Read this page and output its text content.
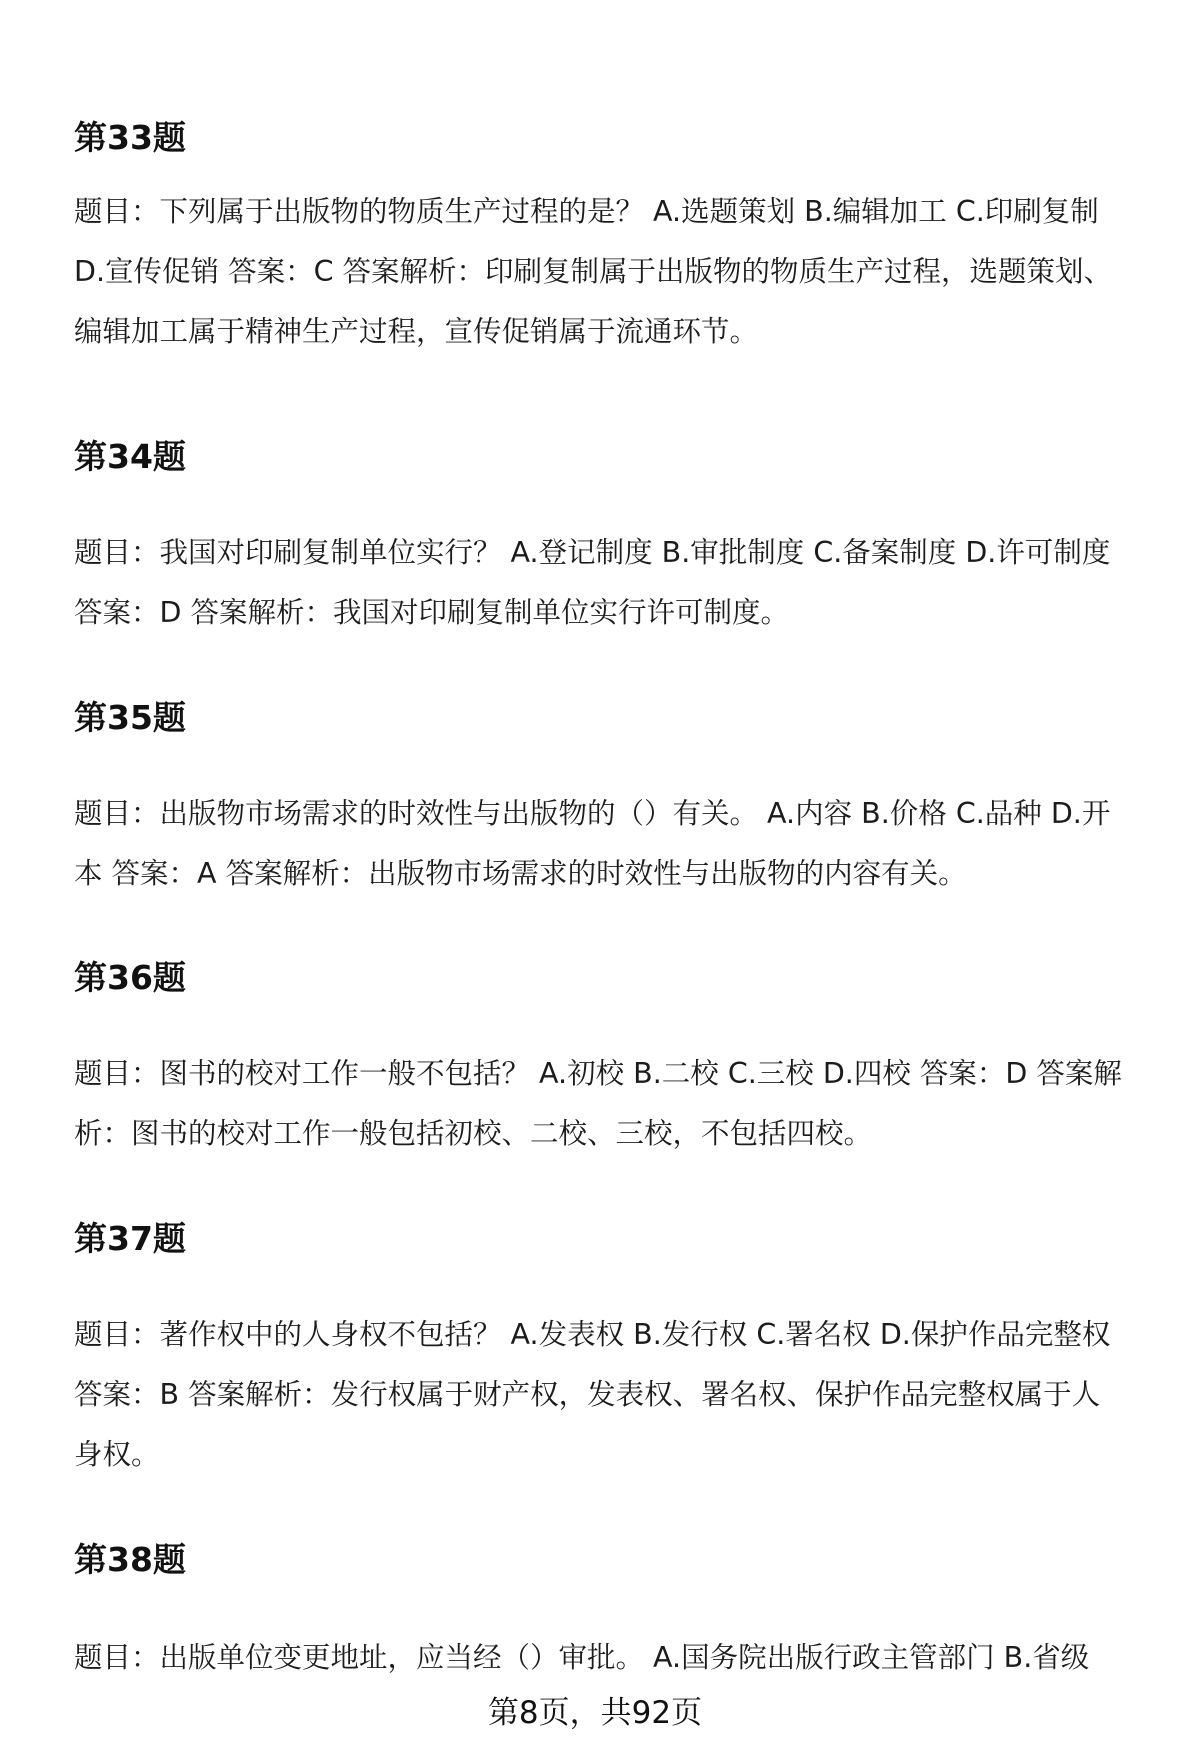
第33题
题目：下列属于出版物的物质生产过程的是？ A.选题策划 B.编辑加工 C.印刷复制
D.宣传促销 答案：C 答案解析：印刷复制属于出版物的物质生产过程，选题策划、
编辑加工属于精神生产过程，宣传促销属于流通环节。
第34题
题目：我国对印刷复制单位实行？ A.登记制度 B.审批制度 C.备案制度 D.许可制度
答案：D 答案解析：我国对印刷复制单位实行许可制度。
第35题
题目：出版物市场需求的时效性与出版物的（）有关。 A.内容 B.价格 C.品种 D.开
本 答案：A 答案解析：出版物市场需求的时效性与出版物的内容有关。
第36题
题目：图书的校对工作一般不包括？ A.初校 B.二校 C.三校 D.四校 答案：D 答案解
析：图书的校对工作一般包括初校、二校、三校，不包括四校。
第37题
题目：著作权中的人身权不包括？ A.发表权 B.发行权 C.署名权 D.保护作品完整权
答案：B 答案解析：发行权属于财产权，发表权、署名权、保护作品完整权属于人
身权。
第38题
题目：出版单位变更地址，应当经（）审批。 A.国务院出版行政主管部门 B.省级
第8页，共92页
